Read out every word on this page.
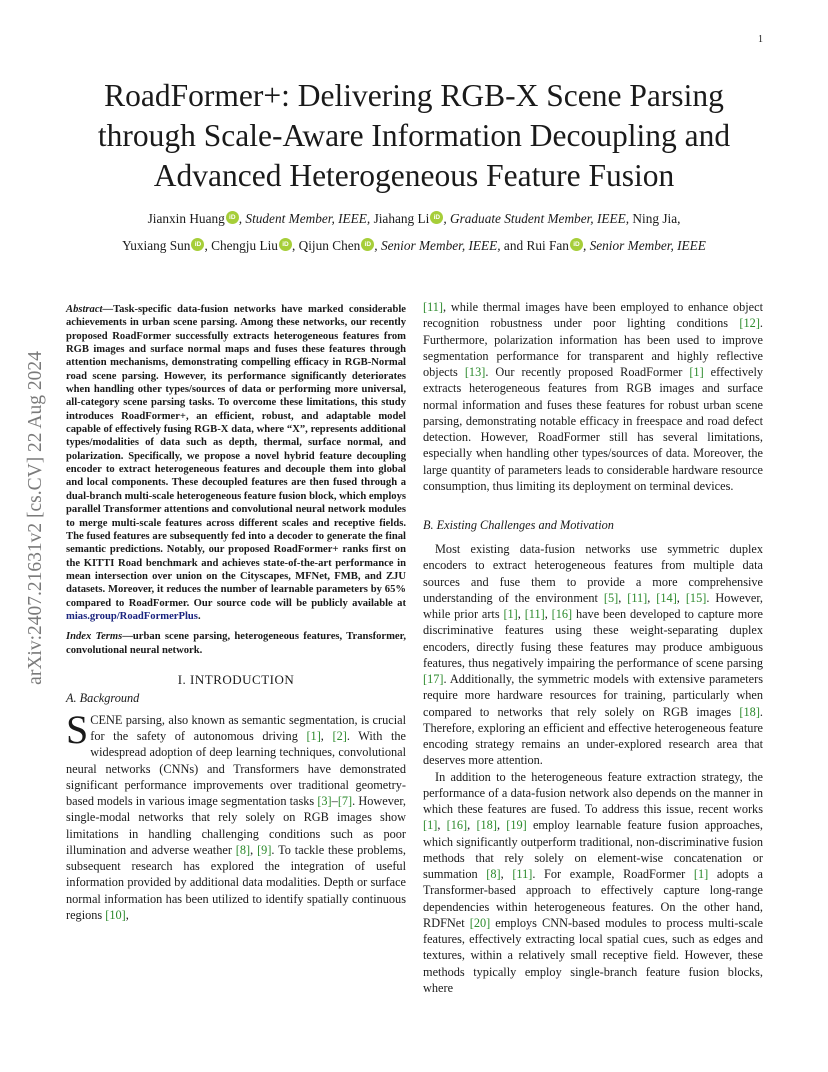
1
RoadFormer+: Delivering RGB-X Scene Parsing through Scale-Aware Information Decoupling and Advanced Heterogeneous Feature Fusion
Jianxin Huang iD , Student Member, IEEE, Jiahang Li iD , Graduate Student Member, IEEE, Ning Jia,
Yuxiang Sun iD , Chengju Liu iD , Qijun Chen iD , Senior Member, IEEE, and Rui Fan iD , Senior Member, IEEE
arXiv:2407.21631v2 [cs.CV] 22 Aug 2024

Abstract—Task-specific data-fusion networks have marked considerable achievements in urban scene parsing. Among these networks, our recently proposed RoadFormer successfully extracts heterogeneous features from RGB images and surface normal maps and fuses these features through attention mechanisms, demonstrating compelling efficacy in RGB-Normal road scene parsing. However, its performance significantly deteriorates when handling other types/sources of data or performing more universal, all-category scene parsing tasks. To overcome these limitations, this study introduces RoadFormer+, an efficient, robust, and adaptable model capable of effectively fusing RGB-X data, where “X”, represents additional types/modalities of data such as depth, thermal, surface normal, and polarization. Specifically, we propose a novel hybrid feature decoupling encoder to extract heterogeneous features and decouple them into global and local components. These decoupled features are then fused through a dual-branch multi-scale heterogeneous feature fusion block, which employs parallel Transformer attentions and convolutional neural network modules to merge multi-scale features across different scales and receptive fields. The fused features are subsequently fed into a decoder to generate the final semantic predictions. Notably, our proposed RoadFormer+ ranks first on the KITTI Road benchmark and achieves state-of-the-art performance in mean intersection over union on the Cityscapes, MFNet, FMB, and ZJU datasets. Moreover, it reduces the number of learnable parameters by 65% compared to RoadFormer. Our source code will be publicly available at mias.group/RoadFormerPlus.

Index Terms—urban scene parsing, heterogeneous features, Transformer, convolutional neural network.

I. INTRODUCTION
A. Background

SCENE parsing, also known as semantic segmentation, is crucial for the safety of autonomous driving [1], [2]. With the widespread adoption of deep learning techniques, convolutional neural networks (CNNs) and Transformers have demonstrated significant performance improvements over traditional geometry-based models in various image segmentation tasks [3]–[7]. However, single-modal networks that rely solely on RGB images show limitations in handling challenging conditions such as poor illumination and adverse weather [8], [9]. To tackle these problems, subsequent research has explored the integration of useful information provided by additional data modalities. Depth or surface normal information has been utilized to identify spatially continuous regions [10],

[11], while thermal images have been employed to enhance object recognition robustness under poor lighting conditions [12]. Furthermore, polarization information has been used to improve segmentation performance for transparent and highly reflective objects [13]. Our recently proposed RoadFormer [1] effectively extracts heterogeneous features from RGB images and surface normal information and fuses these features for robust urban scene parsing, demonstrating notable efficacy in freespace and road defect detection. However, RoadFormer still has several limitations, especially when handling other types/sources of data. Moreover, the large quantity of parameters leads to considerable hardware resource consumption, thus limiting its deployment on terminal devices.

B. Existing Challenges and Motivation

Most existing data-fusion networks use symmetric duplex encoders to extract heterogeneous features from multiple data sources and fuse them to provide a more comprehensive understanding of the environment [5], [11], [14], [15]. However, while prior arts [1], [11], [16] have been developed to capture more discriminative features using these weight-separating duplex encoders, directly fusing these features may produce ambiguous features, thus negatively impairing the performance of scene parsing [17]. Additionally, the symmetric models with extensive parameters require more hardware resources for training, particularly when compared to networks that rely solely on RGB images [18]. Therefore, exploring an efficient and effective heterogeneous feature encoding strategy remains an under-explored research area that deserves more attention.

In addition to the heterogeneous feature extraction strategy, the performance of a data-fusion network also depends on the manner in which these features are fused. To address this issue, recent works [1], [16], [18], [19] employ learnable feature fusion approaches, which significantly outperform traditional, non-discriminative fusion methods that rely solely on element-wise concatenation or summation [8], [11]. For example, RoadFormer [1] adopts a Transformer-based approach to effectively capture long-range dependencies within heterogeneous features. On the other hand, RDFNet [20] employs CNN-based modules to process multi-scale features, effectively extracting local spatial cues, such as edges and textures, within a relatively small receptive field. However, these methods typically employ single-branch feature fusion blocks, where
